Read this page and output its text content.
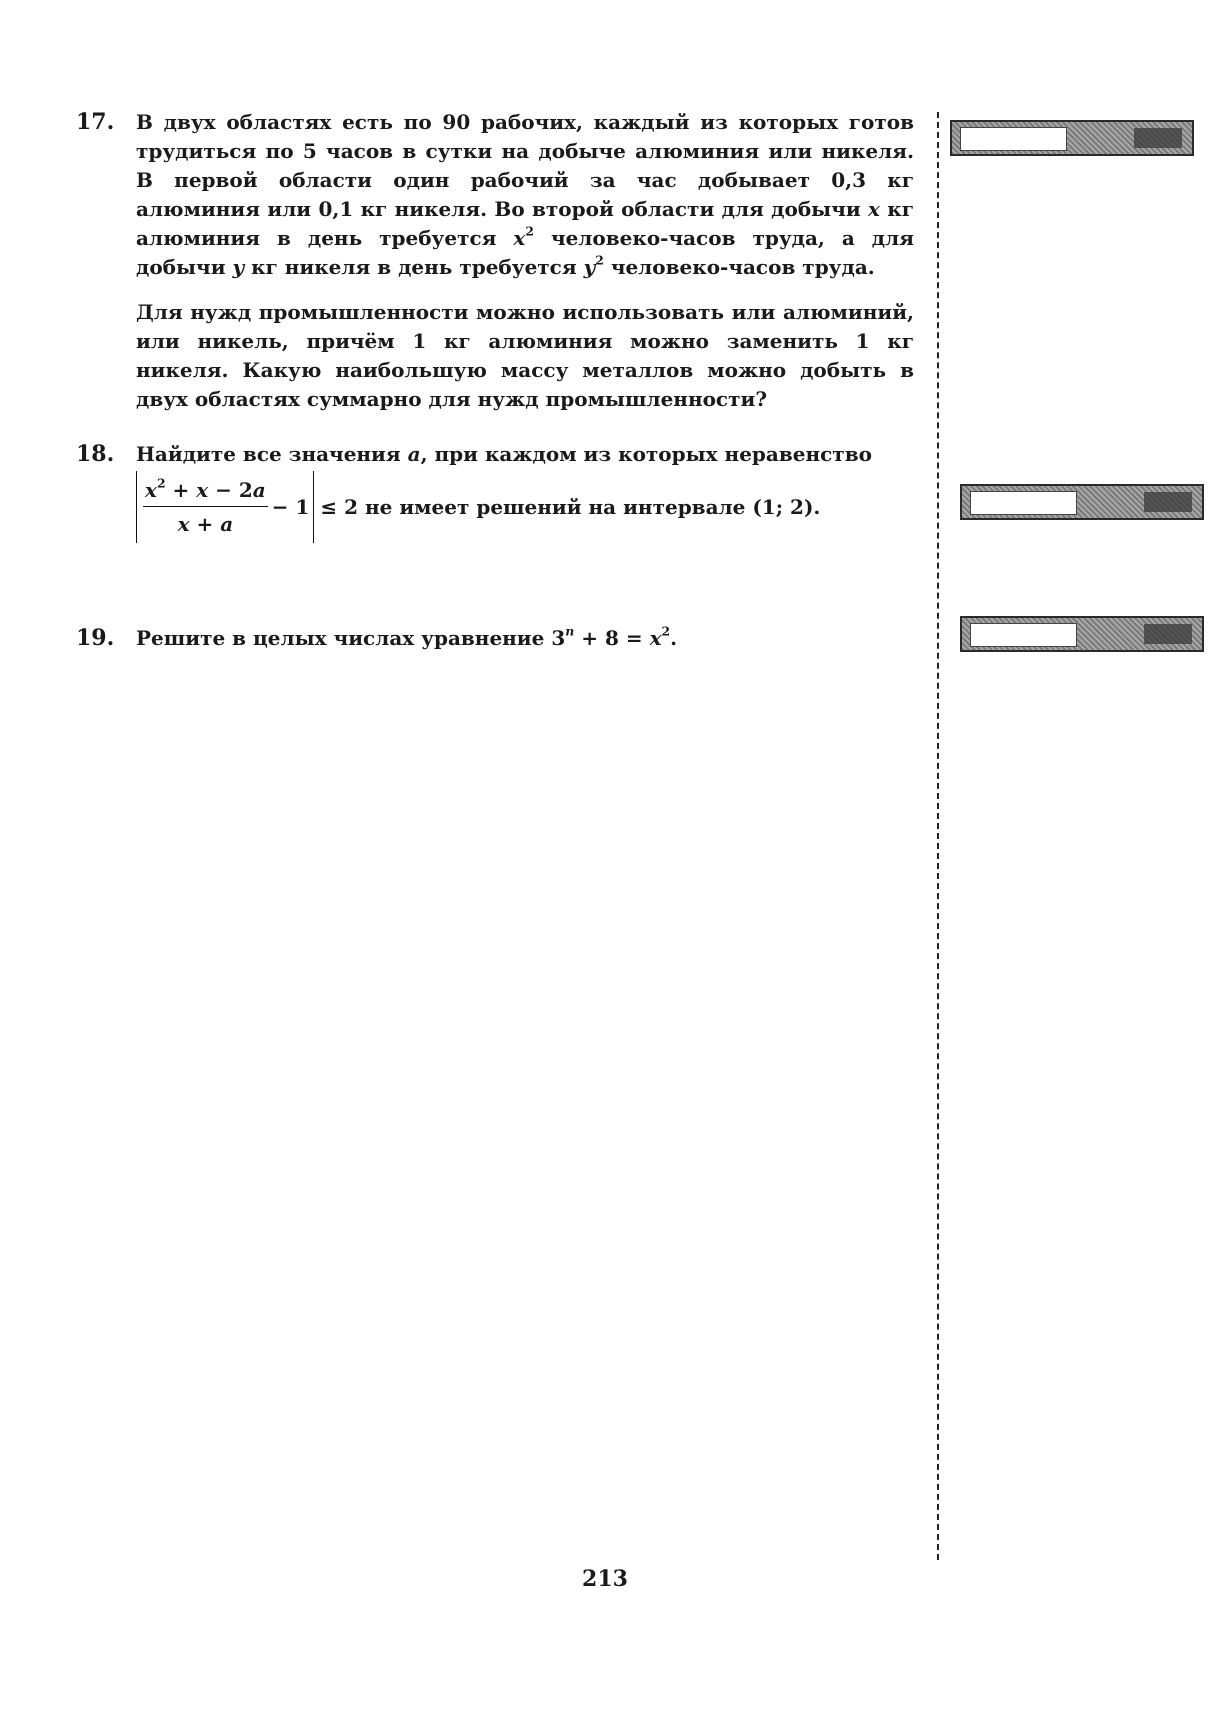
17. В двух областях есть по 90 рабочих, каждый из которых готов трудиться по 5 часов в сутки на добыче алюминия или никеля. В первой области один рабочий за час добывает 0,3 кг алюминия или 0,1 кг никеля. Во второй области для добычи x кг алюминия в день требуется $x^2$ человеко-часов труда, а для добычи y кг никеля в день требуется $y^2$ человеко-часов труда.

Для нужд промышленности можно использовать или алюминий, или никель, причём 1 кг алюминия можно заменить 1 кг никеля. Какую наибольшую массу металлов можно добыть в двух областях суммарно для нужд промышленности?

18. Найдите все значения a, при каждом из которых неравенство

$\frac{x^2 + x - 2a}{x + a} - 1 \le 2$ не имеет решений на интервале (1; 2).
19. Решите в целых числах уравнение $3^n + 8 = x^2$.

213
